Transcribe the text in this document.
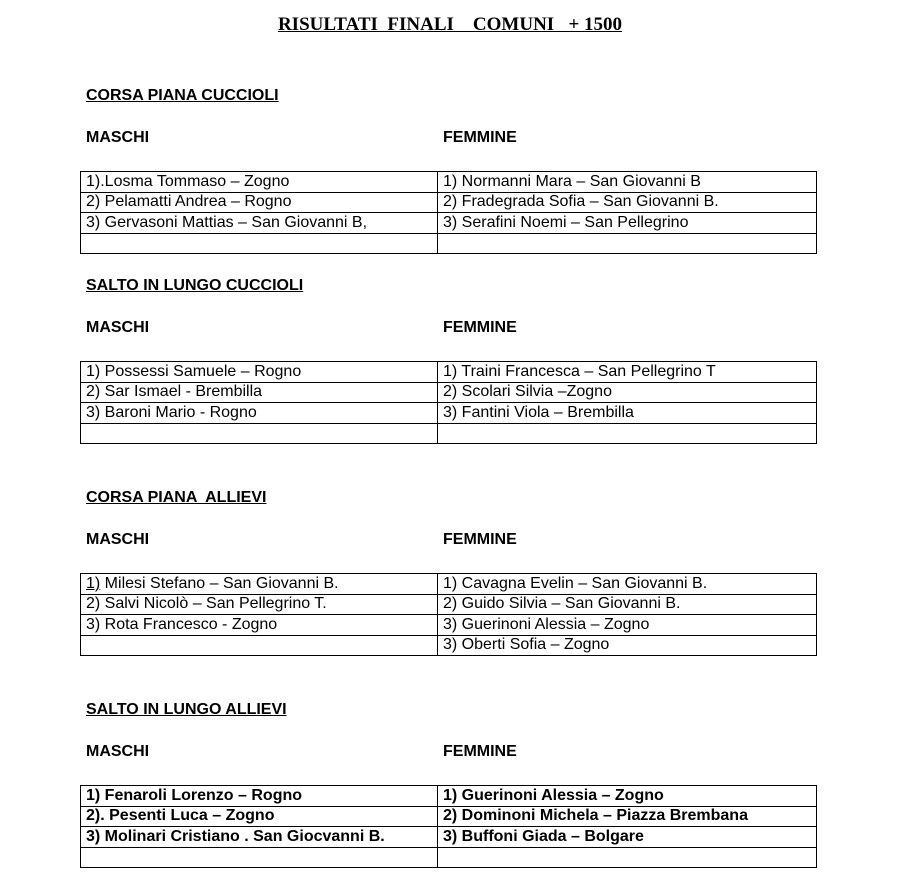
RISULTATI  FINALI    COMUNI   + 1500
CORSA PIANA CUCCIOLI
MASCHI	FEMMINE
1).Losma Tommaso – Zogno	1) Normanni Mara – San Giovanni B
2) Pelamatti Andrea – Rogno	2) Fradegrada Sofia – San Giovanni B.
3) Gervasoni Mattias – San Giovanni B,	3) Serafini Noemi – San Pellegrino

SALTO IN LUNGO CUCCIOLI
MASCHI	FEMMINE
1) Possessi Samuele – Rogno	1) Traini Francesca – San Pellegrino T
2) Sar Ismael - Brembilla	2) Scolari Silvia –Zogno
3) Baroni Mario - Rogno	3) Fantini Viola – Brembilla

CORSA PIANA  ALLIEVI
MASCHI	FEMMINE
1) Milesi Stefano – San Giovanni B.	1) Cavagna Evelin – San Giovanni B.
2) Salvi Nicolò – San Pellegrino T.	2) Guido Silvia – San Giovanni B.
3) Rota Francesco - Zogno	3) Guerinoni Alessia – Zogno
	3) Oberti Sofia – Zogno
SALTO IN LUNGO ALLIEVI
MASCHI	FEMMINE
1) Fenaroli Lorenzo – Rogno	1) Guerinoni Alessia – Zogno
2). Pesenti Luca – Zogno	2) Dominoni Michela – Piazza Brembana
3) Molinari Cristiano . San Giocvanni B.	3) Buffoni Giada – Bolgare
